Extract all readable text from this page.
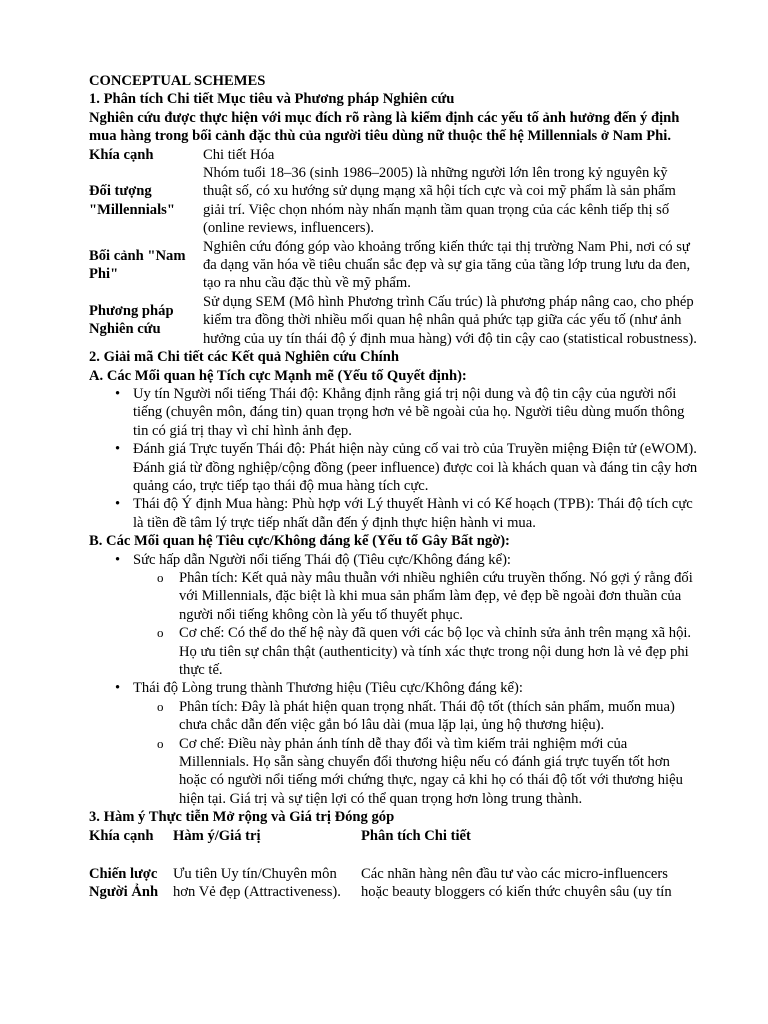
CONCEPTUAL SCHEMES

1. Phân tích Chi tiết Mục tiêu và Phương pháp Nghiên cứu

Nghiên cứu được thực hiện với mục đích rõ ràng là kiểm định các yếu tố ảnh hưởng đến ý định mua hàng trong bối cảnh đặc thù của người tiêu dùng nữ thuộc thế hệ Millennials ở Nam Phi.

Khía cạnh	Chi tiết Hóa
Đối tượng "Millennials"	Nhóm tuổi 18–36 (sinh 1986–2005) là những người lớn lên trong kỷ nguyên kỹ thuật số, có xu hướng sử dụng mạng xã hội tích cực và coi mỹ phẩm là sản phẩm giải trí. Việc chọn nhóm này nhấn mạnh tầm quan trọng của các kênh tiếp thị số (online reviews, influencers).
Bối cảnh "Nam Phi"	Nghiên cứu đóng góp vào khoảng trống kiến thức tại thị trường Nam Phi, nơi có sự đa dạng văn hóa về tiêu chuẩn sắc đẹp và sự gia tăng của tầng lớp trung lưu da đen, tạo ra nhu cầu đặc thù về mỹ phẩm.
Phương pháp Nghiên cứu	Sử dụng SEM (Mô hình Phương trình Cấu trúc) là phương pháp nâng cao, cho phép kiểm tra đồng thời nhiều mối quan hệ nhân quả phức tạp giữa các yếu tố (như ảnh hưởng của uy tín thái độ ý định mua hàng) với độ tin cậy cao (statistical robustness).

2. Giải mã Chi tiết các Kết quả Nghiên cứu Chính

A. Các Mối quan hệ Tích cực Mạnh mẽ (Yếu tố Quyết định):

• Uy tín Người nổi tiếng Thái độ: Khẳng định rằng giá trị nội dung và độ tin cậy của người nổi tiếng (chuyên môn, đáng tin) quan trọng hơn vẻ bề ngoài của họ. Người tiêu dùng muốn thông tin có giá trị thay vì chỉ hình ảnh đẹp.
• Đánh giá Trực tuyến Thái độ: Phát hiện này củng cố vai trò của Truyền miệng Điện tử (eWOM). Đánh giá từ đồng nghiệp/cộng đồng (peer influence) được coi là khách quan và đáng tin cậy hơn quảng cáo, trực tiếp tạo thái độ mua hàng tích cực.
• Thái độ Ý định Mua hàng: Phù hợp với Lý thuyết Hành vi có Kế hoạch (TPB): Thái độ tích cực là tiền đề tâm lý trực tiếp nhất dẫn đến ý định thực hiện hành vi mua.

B. Các Mối quan hệ Tiêu cực/Không đáng kể (Yếu tố Gây Bất ngờ):

• Sức hấp dẫn Người nổi tiếng Thái độ (Tiêu cực/Không đáng kể):
o Phân tích: Kết quả này mâu thuẫn với nhiều nghiên cứu truyền thống. Nó gợi ý rằng đối với Millennials, đặc biệt là khi mua sản phẩm làm đẹp, vẻ đẹp bề ngoài đơn thuần của người nổi tiếng không còn là yếu tố thuyết phục.
o Cơ chế: Có thể do thế hệ này đã quen với các bộ lọc và chỉnh sửa ảnh trên mạng xã hội. Họ ưu tiên sự chân thật (authenticity) và tính xác thực trong nội dung hơn là vẻ đẹp phi thực tế.
• Thái độ Lòng trung thành Thương hiệu (Tiêu cực/Không đáng kể):
o Phân tích: Đây là phát hiện quan trọng nhất. Thái độ tốt (thích sản phẩm, muốn mua) chưa chắc dẫn đến việc gắn bó lâu dài (mua lặp lại, ủng hộ thương hiệu).
o Cơ chế: Điều này phản ánh tính dễ thay đổi và tìm kiếm trải nghiệm mới của Millennials. Họ sẵn sàng chuyển đổi thương hiệu nếu có đánh giá trực tuyến tốt hơn hoặc có người nổi tiếng mới chứng thực, ngay cả khi họ có thái độ tốt với thương hiệu hiện tại. Giá trị và sự tiện lợi có thể quan trọng hơn lòng trung thành.

3. Hàm ý Thực tiễn Mở rộng và Giá trị Đóng góp

Khía cạnh	Hàm ý/Giá trị	Phân tích Chi tiết

Chiến lược Người Ảnh	Ưu tiên Uy tín/Chuyên môn hơn Vẻ đẹp (Attractiveness).	Các nhãn hàng nên đầu tư vào các micro-influencers hoặc beauty bloggers có kiến thức chuyên sâu (uy tín
